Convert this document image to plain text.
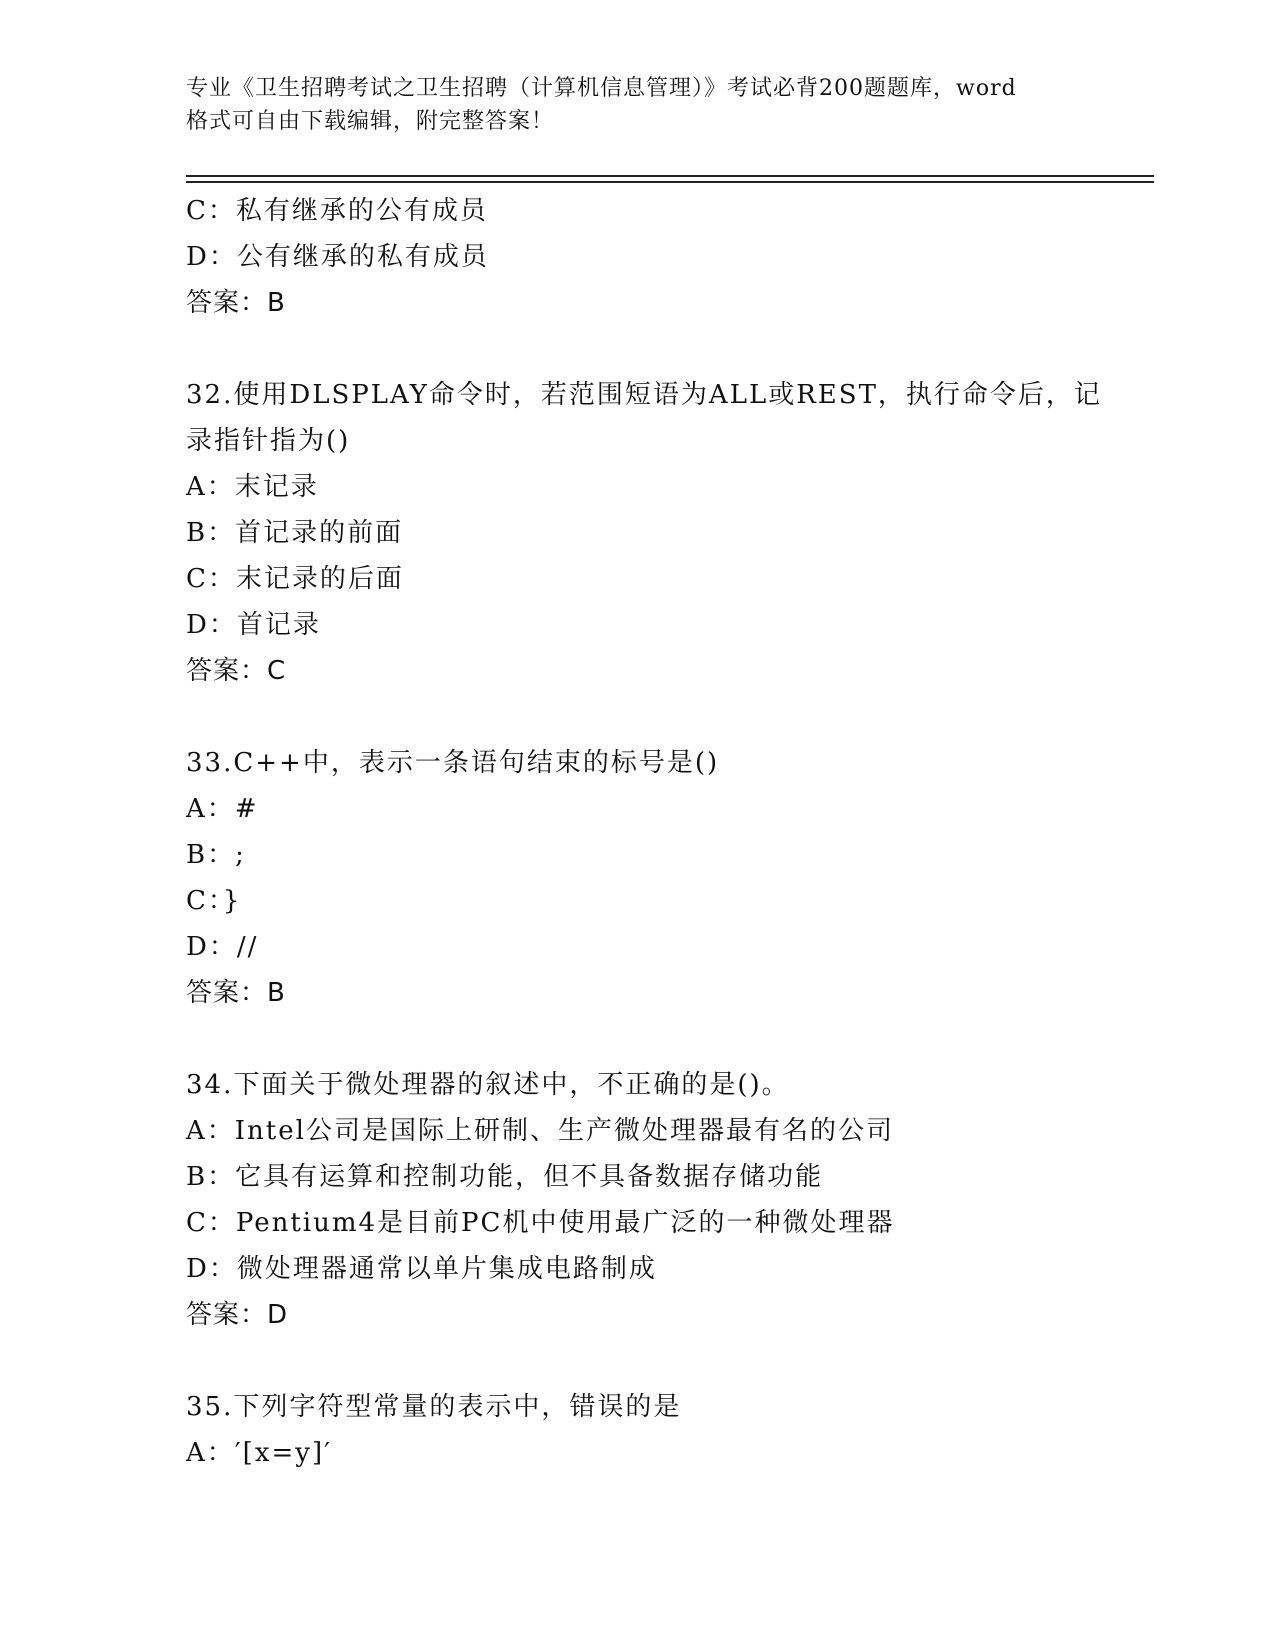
专业《卫生招聘考试之卫生招聘（计算机信息管理）》考试必背200题题库，word
格式可自由下载编辑，附完整答案！
C：私有继承的公有成员
D：公有继承的私有成员
答案：B
32.使用DLSPLAY命令时，若范围短语为ALL或REST，执行命令后，记
录指针指为()
A：末记录
B：首记录的前面
C：末记录的后面
D：首记录
答案：C
33.C++中，表示一条语句结束的标号是()
A：#
B：;
C：}
D：//
答案：B
34.下面关于微处理器的叙述中，不正确的是()。
A：Intel公司是国际上研制、生产微处理器最有名的公司
B：它具有运算和控制功能，但不具备数据存储功能
C：Pentium4是目前PC机中使用最广泛的一种微处理器
D：微处理器通常以单片集成电路制成
答案：D
35.下列字符型常量的表示中，错误的是
A：′[x=y]′
